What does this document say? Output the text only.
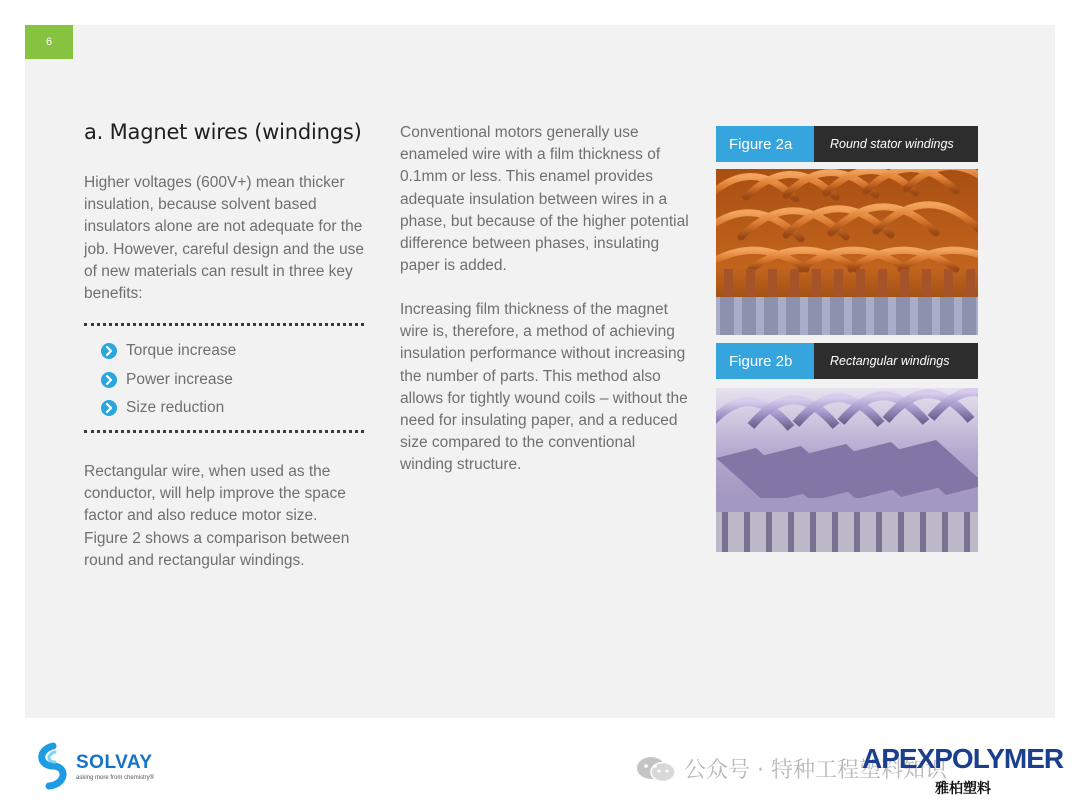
6
a. Magnet wires (windings)

Higher voltages (600V+) mean thicker insulation, because solvent based insulators alone are not adequate for the job. However, careful design and the use of new materials can result in three key benefits:

Torque increase
Power increase
Size reduction

Rectangular wire, when used as the conductor, will help improve the space factor and also reduce motor size. Figure 2 shows a comparison between round and rectangular windings.

Conventional motors generally use enameled wire with a film thickness of 0.1mm or less. This enamel provides adequate insulation between wires in a phase, but because of the higher potential difference between phases, insulating paper is added.

Increasing film thickness of the magnet wire is, therefore, a method of achieving insulation performance without increasing the number of parts. This method also allows for tightly wound coils – without the need for insulating paper, and a reduced size compared to the conventional winding structure.

Figure 2a	Round stator windings
Figure 2b	Rectangular windings
SOLVAY
asking more from chemistry®	公众号 · 特种工程塑料知识
APEXPOLYMER
雅柏塑料
